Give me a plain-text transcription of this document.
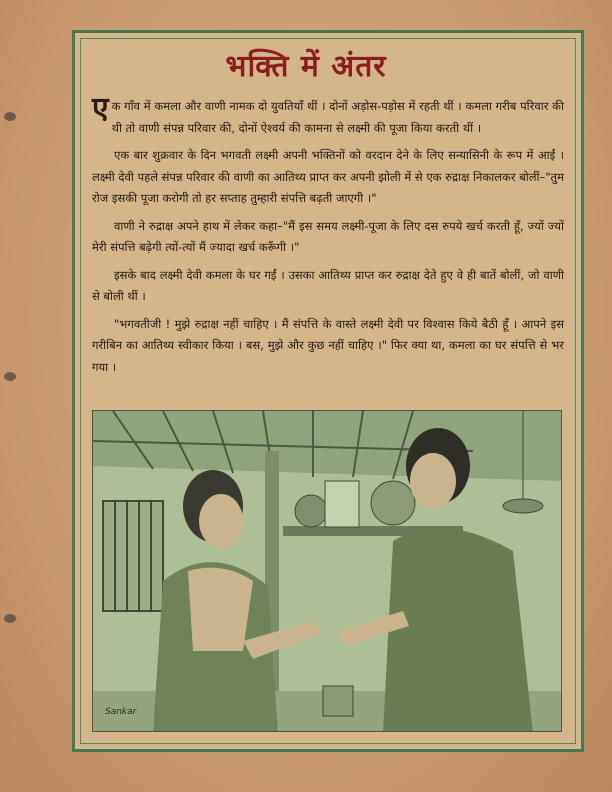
भक्ति में अंतर

एक गाँव में कमला और वाणी नामक दो युवतियाँ थीं । दोनों अड़ोस-पड़ोस में रहती थीं । कमला गरीब परिवार की थी तो वाणी संपन्न परिवार की, दोनों ऐश्वर्य की कामना से लक्ष्मी की पूजा किया करती थीं ।

एक बार शुक्रवार के दिन भगवती लक्ष्मी अपनी भक्तिनों को वरदान देने के लिए सन्यासिनी के रूप में आईं । लक्ष्मी देवी पहले संपन्न परिवार की वाणी का आतिथ्य प्राप्त कर अपनी झोली में से एक रुद्राक्ष निकालकर बोलीं–"तुम रोज इसकी पूजा करोगी तो हर सप्ताह तुम्हारी संपत्ति बढ़ती जाएगी ।"

वाणी ने रुद्राक्ष अपने हाथ में लेकर कहा–"मैं इस समय लक्ष्मी-पूजा के लिए दस रुपये खर्च करती हूँ, ज्यों ज्यों मेरी संपत्ति बढ़ेगी त्यों-त्यों मैं ज्यादा खर्च करूँगी ।"

इसके बाद लक्ष्मी देवी कमला के घर गईं । उसका आतिथ्य प्राप्त कर रुद्राक्ष देते हुए वे ही बातें बोलीं, जो वाणी से बोली थीं ।

"भगवतीजी ! मुझे रुद्राक्ष नहीं चाहिए । मैं संपत्ति के वास्ते लक्ष्मी देवी पर विश्वास किये बैठी हूँ । आपने इस गरीबिन का आतिथ्य स्वीकार किया । बस, मुझे और कुछ नहीं चाहिए ।" फिर क्या था, कमला का घर संपत्ति से भर गया ।

Sankar
